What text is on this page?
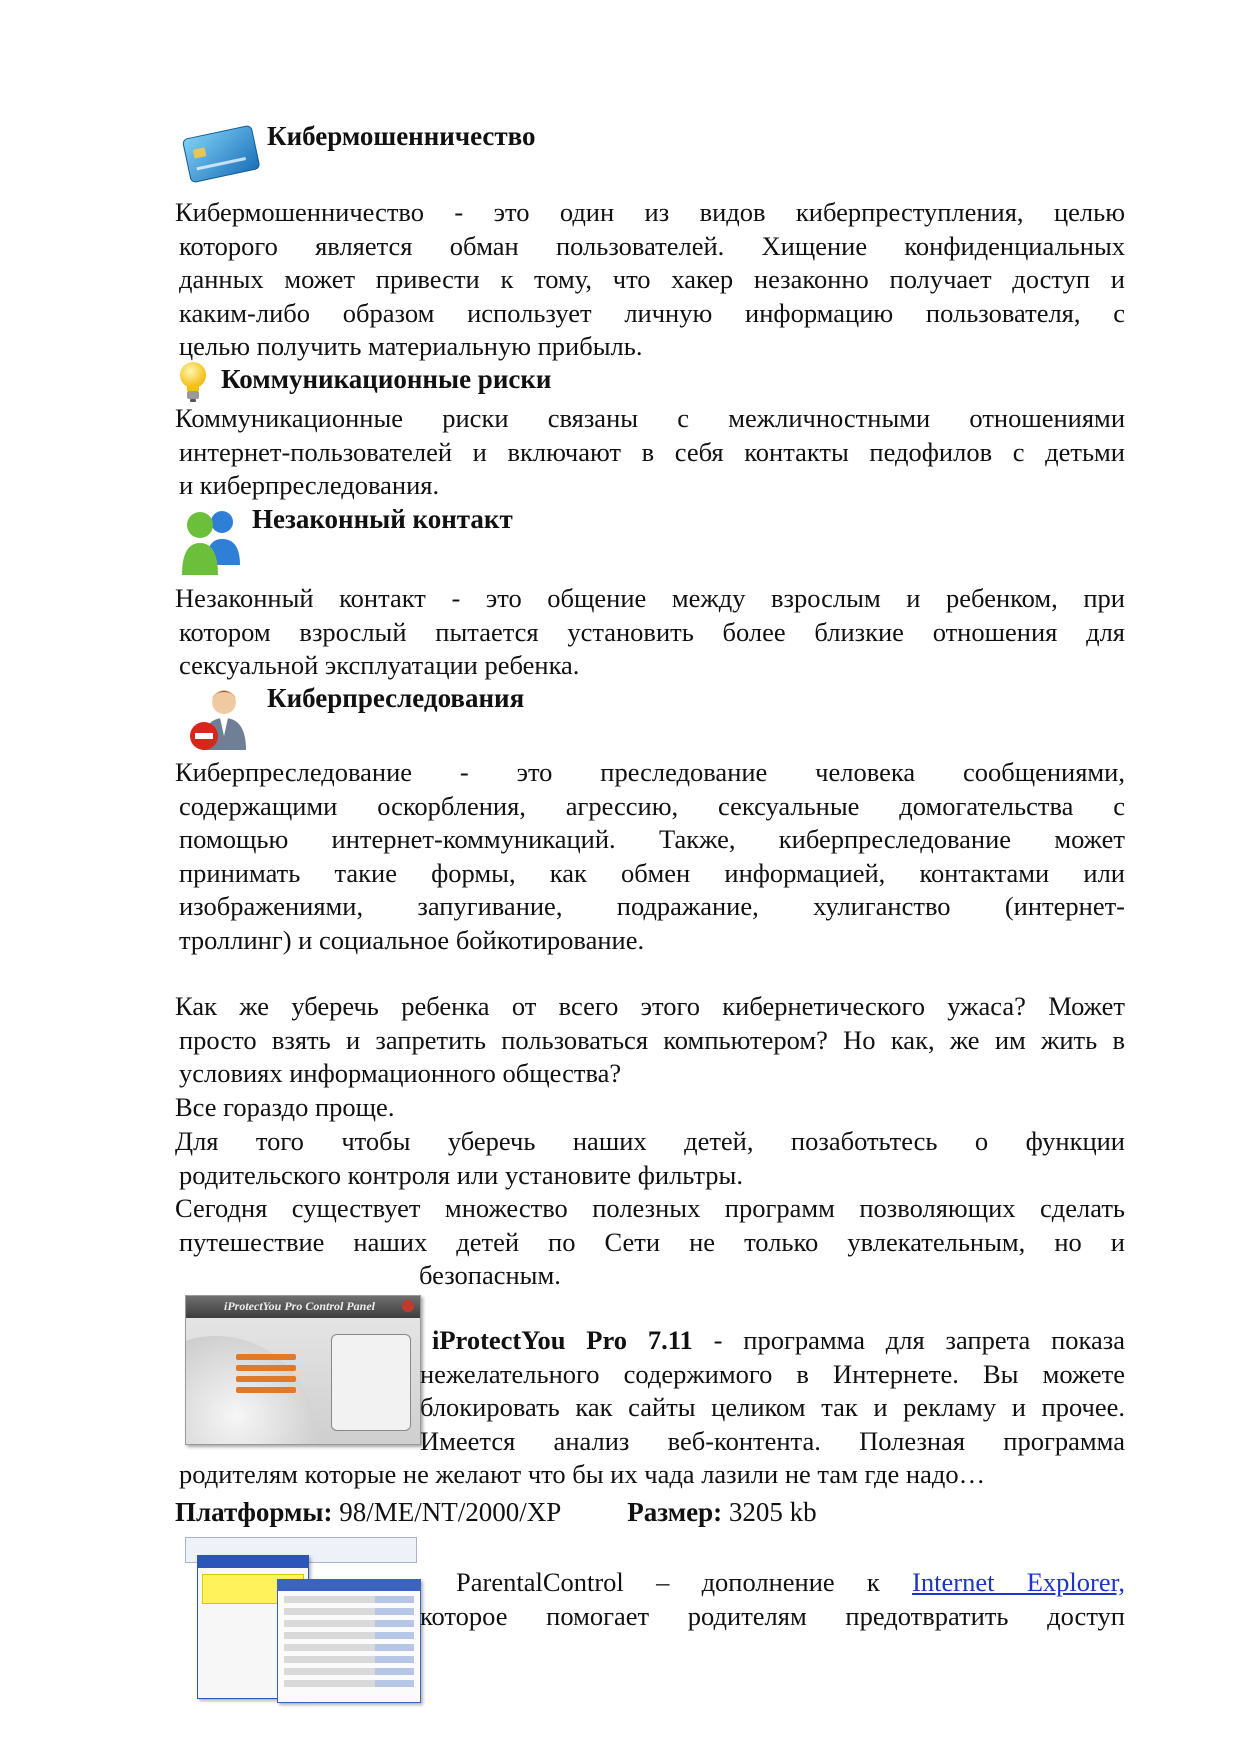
Кибермошенничество

Кибермошенничество - это один из видов киберпреступления, целью
которого является обман пользователей. Хищение конфиденциальных
данных может привести к тому, что хакер незаконно получает доступ и
каким-либо образом использует личную информацию пользователя, с
целью получить материальную прибыль.

Коммуникационные риски

Коммуникационные риски связаны с межличностными отношениями
интернет-пользователей и включают в себя контакты педофилов с детьми
и киберпреследования.

Незаконный контакт

Незаконный контакт - это общение между взрослым и ребенком, при
котором взрослый пытается установить более близкие отношения для
сексуальной эксплуатации ребенка.

Киберпреследования

Киберпреследование - это преследование человека сообщениями,
содержащими оскорбления, агрессию, сексуальные домогательства с
помощью интернет-коммуникаций. Также, киберпреследование может
принимать такие формы, как обмен информацией, контактами или
изображениями, запугивание, подражание, хулиганство (интернет-
троллинг) и социальное бойкотирование.

Как же уберечь ребенка от всего этого кибернетического ужаса? Может
просто взять и запретить пользоваться компьютером? Но как, же им жить в
условиях информационного общества?

Все гораздо проще.

Для того чтобы уберечь наших детей, позаботьтесь о функции
родительского контроля или установите фильтры.

Сегодня существует множество полезных программ позволяющих сделать
путешествие наших детей по Сети не только увлекательным, но и
безопасным.

iProtectYou Pro Control Panel

iProtectYou Pro 7.11 - программа для запрета показа
нежелательного содержимого в Интернете. Вы можете
блокировать как сайты целиком так и рекламу и прочее.
Имеется анализ веб-контента. Полезная программа

родителям которые не желают что бы их чада лазили не там где надо…

Платформы: 98/ME/NT/2000/XP Размер: 3205 kb

ParentalControl – дополнение к Internet Explorer,
которое помогает родителям предотвратить доступ
